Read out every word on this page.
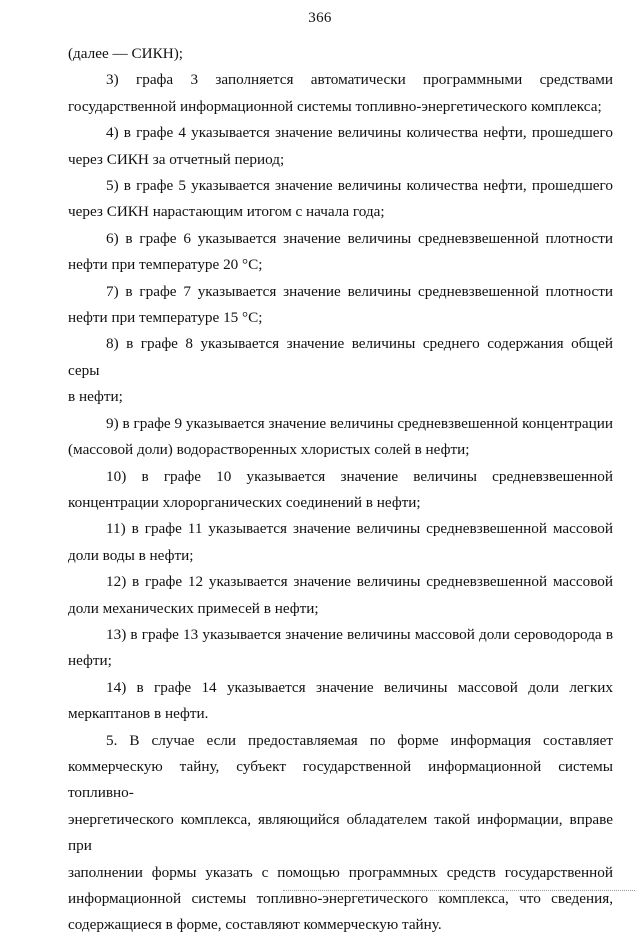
366

(далее — СИКН);

3) графа 3 заполняется автоматически программными средствами

государственной информационной системы топливно-энергетического комплекса;

4) в графе 4 указывается значение величины количества нефти, прошедшего

через СИКН за отчетный период;

5) в графе 5 указывается значение величины количества нефти, прошедшего

через СИКН нарастающим итогом с начала года;

6) в графе 6 указывается значение величины средневзвешенной плотности

нефти при температуре 20 °С;

7) в графе 7 указывается значение величины средневзвешенной плотности

нефти при температуре 15 °С;

8) в графе 8 указывается значение величины среднего содержания общей серы

в нефти;

9) в графе 9 указывается значение величины средневзвешенной концентрации

(массовой доли) водорастворенных хлористых солей в нефти;

10) в графе 10 указывается значение величины средневзвешенной

концентрации хлорорганических соединений в нефти;

11) в графе 11 указывается значение величины средневзвешенной массовой

доли воды в нефти;

12) в графе 12 указывается значение величины средневзвешенной массовой

доли механических примесей в нефти;

13) в графе 13 указывается значение величины массовой доли сероводорода в

нефти;

14) в графе 14 указывается значение величины массовой доли легких

меркаптанов в нефти.

5. В случае если предоставляемая по форме информация составляет

коммерческую тайну, субъект государственной информационной системы топливно-

энергетического комплекса, являющийся обладателем такой информации, вправе при

заполнении формы указать с помощью программных средств государственной

информационной системы топливно-энергетического комплекса, что сведения,

содержащиеся в форме, составляют коммерческую тайну.
